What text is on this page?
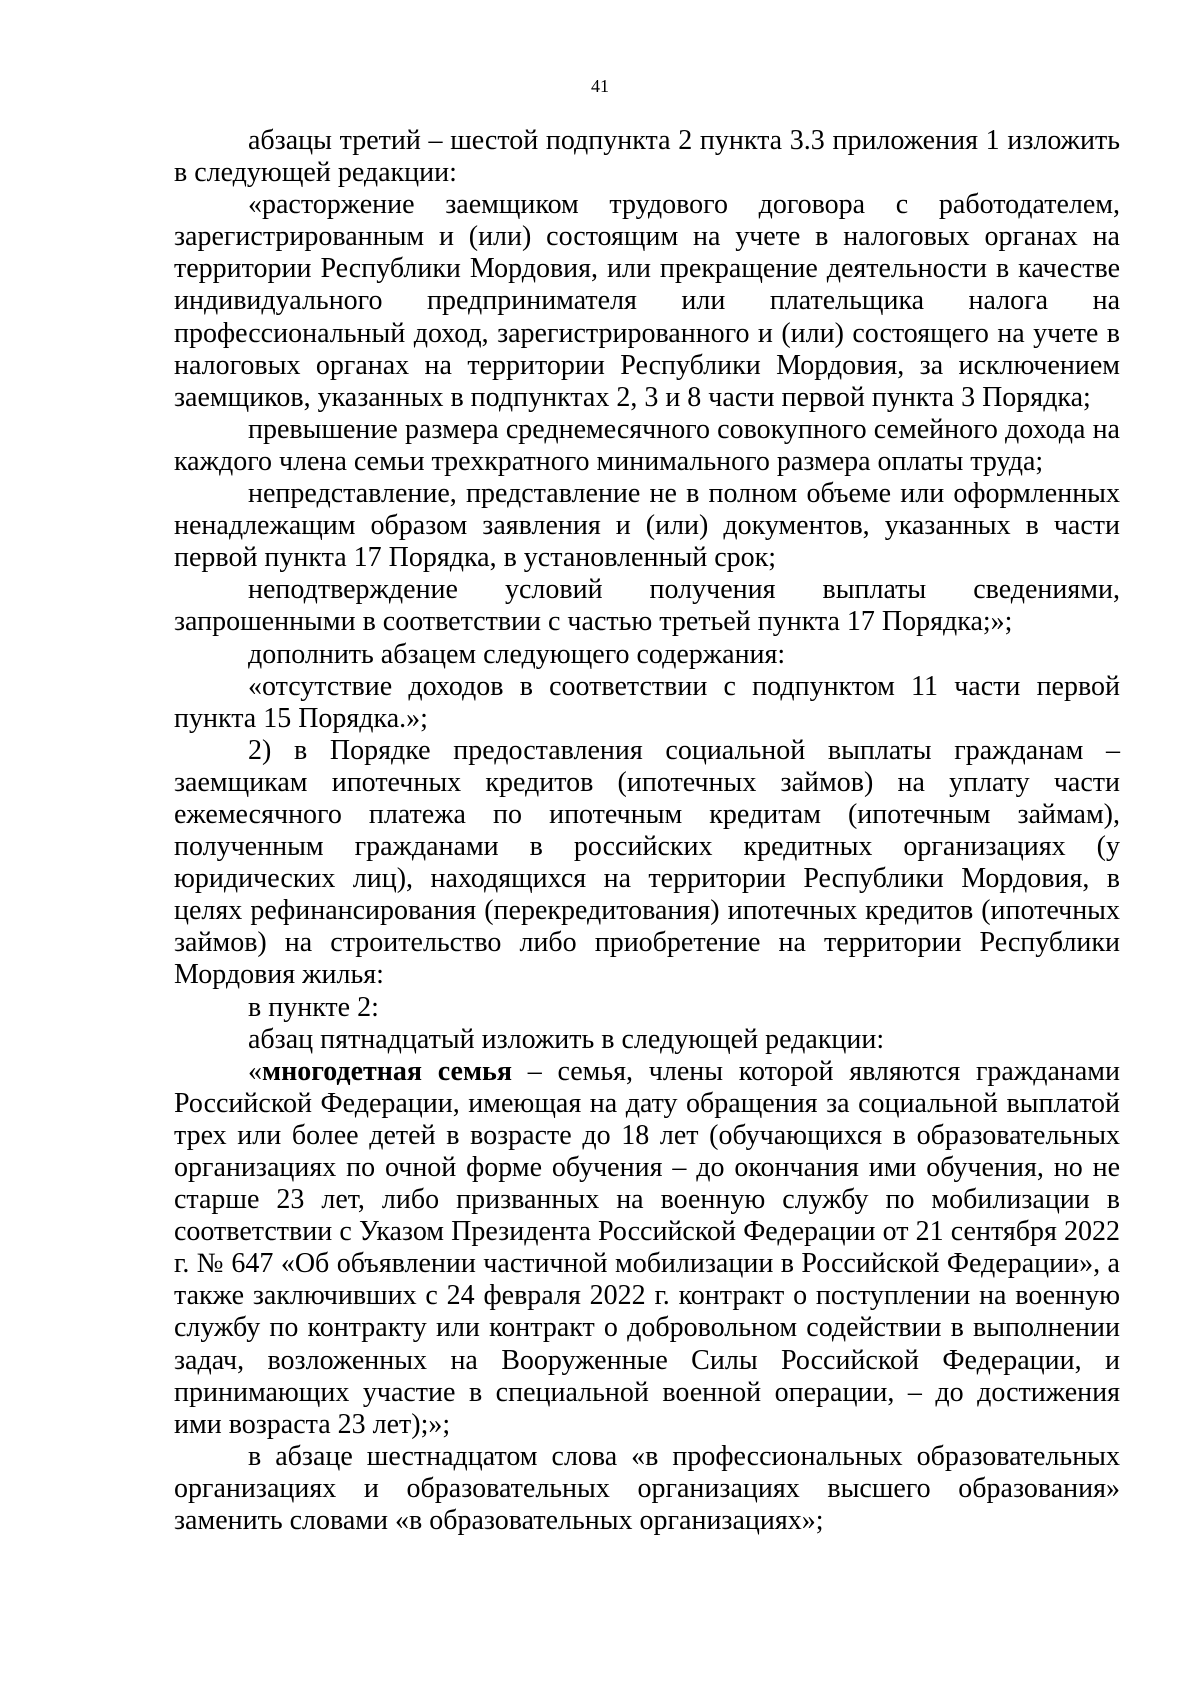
41

абзацы третий – шестой подпункта 2 пункта 3.3 приложения 1 изложить в следующей редакции:

«расторжение заемщиком трудового договора с работодателем, зарегистрированным и (или) состоящим на учете в налоговых органах на территории Республики Мордовия, или прекращение деятельности в качестве индивидуального предпринимателя или плательщика налога на профессиональный доход, зарегистрированного и (или) состоящего на учете в налоговых органах на территории Республики Мордовия, за исключением заемщиков, указанных в подпунктах 2, 3 и 8 части первой пункта 3 Порядка;

превышение размера среднемесячного совокупного семейного дохода на каждого члена семьи трехкратного минимального размера оплаты труда;

непредставление, представление не в полном объеме или оформленных ненадлежащим образом заявления и (или) документов, указанных в части первой пункта 17 Порядка, в установленный срок;

неподтверждение условий получения выплаты сведениями, запрошенными в соответствии с частью третьей пункта 17 Порядка;»;

дополнить абзацем следующего содержания:

«отсутствие доходов в соответствии с подпунктом 11 части первой пункта 15 Порядка.»;

2) в Порядке предоставления социальной выплаты гражданам – заемщикам ипотечных кредитов (ипотечных займов) на уплату части ежемесячного платежа по ипотечным кредитам (ипотечным займам), полученным гражданами в российских кредитных организациях (у юридических лиц), находящихся на территории Республики Мордовия, в целях рефинансирования (перекредитования) ипотечных кредитов (ипотечных займов) на строительство либо приобретение на территории Республики Мордовия жилья:

в пункте 2:

абзац пятнадцатый изложить в следующей редакции:

«многодетная семья – семья, члены которой являются гражданами Российской Федерации, имеющая на дату обращения за социальной выплатой трех или более детей в возрасте до 18 лет (обучающихся в образовательных организациях по очной форме обучения – до окончания ими обучения, но не старше 23 лет, либо призванных на военную службу по мобилизации в соответствии с Указом Президента Российской Федерации от 21 сентября 2022 г. № 647 «Об объявлении частичной мобилизации в Российской Федерации», а также заключивших с 24 февраля 2022 г. контракт о поступлении на военную службу по контракту или контракт о добровольном содействии в выполнении задач, возложенных на Вооруженные Силы Российской Федерации, и принимающих участие в специальной военной операции, – до достижения ими возраста 23 лет);»;

в абзаце шестнадцатом слова «в профессиональных образовательных организациях и образовательных организациях высшего образования» заменить словами «в образовательных организациях»;
